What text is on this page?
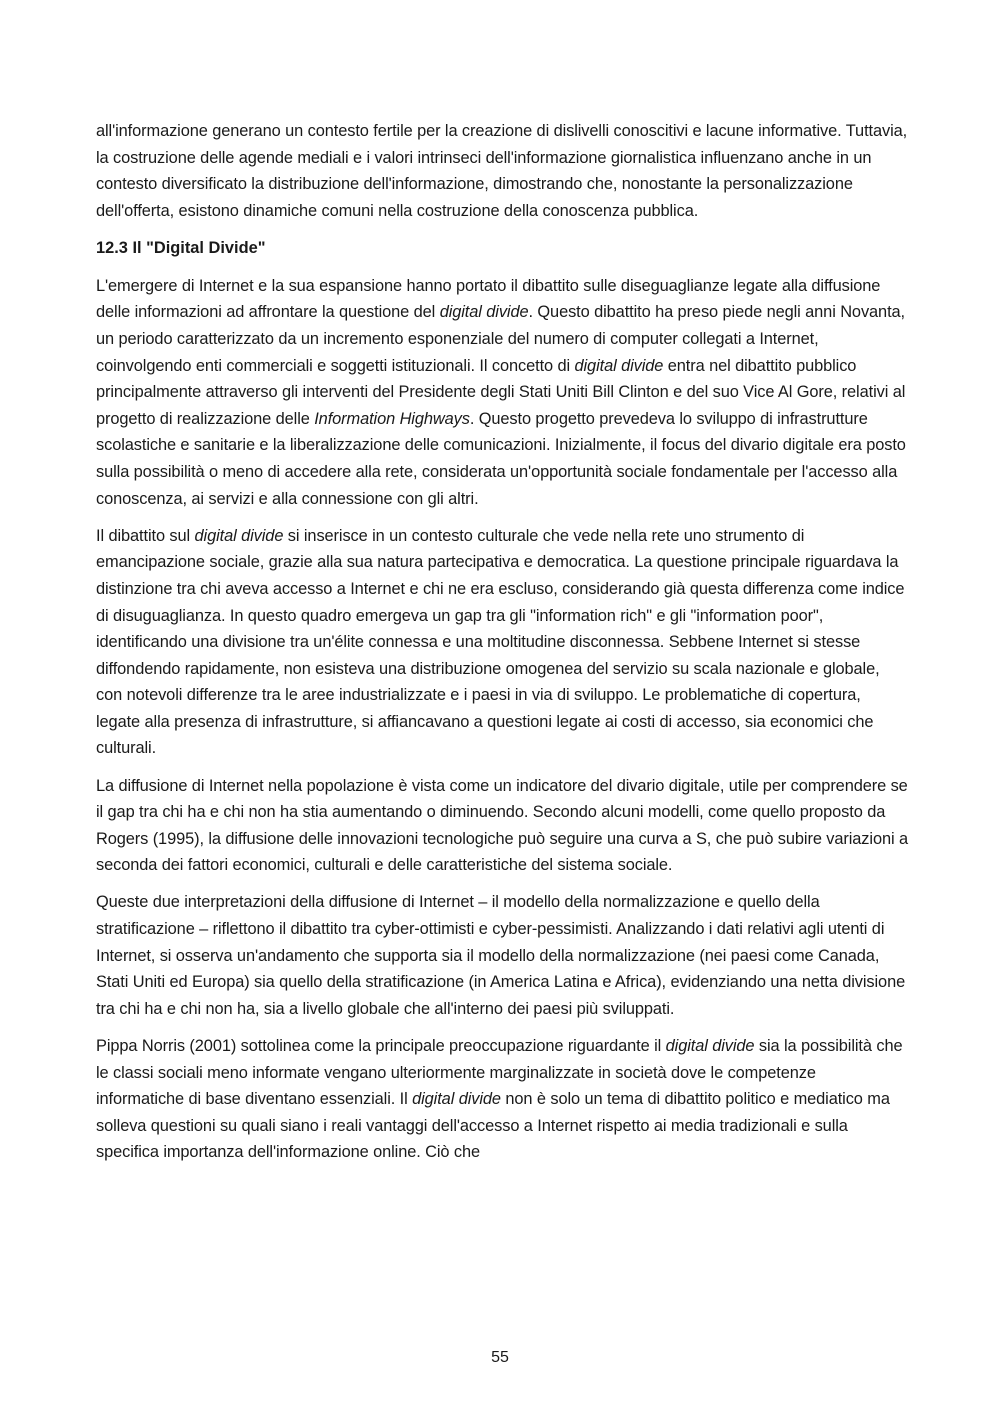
all'informazione generano un contesto fertile per la creazione di dislivelli conoscitivi e lacune informative. Tuttavia, la costruzione delle agende mediali e i valori intrinseci dell'informazione giornalistica influenzano anche in un contesto diversificato la distribuzione dell'informazione, dimostrando che, nonostante la personalizzazione dell'offerta, esistono dinamiche comuni nella costruzione della conoscenza pubblica.

12.3 Il "Digital Divide"

L'emergere di Internet e la sua espansione hanno portato il dibattito sulle diseguaglianze legate alla diffusione delle informazioni ad affrontare la questione del digital divide. Questo dibattito ha preso piede negli anni Novanta, un periodo caratterizzato da un incremento esponenziale del numero di computer collegati a Internet, coinvolgendo enti commerciali e soggetti istituzionali. Il concetto di digital divide entra nel dibattito pubblico principalmente attraverso gli interventi del Presidente degli Stati Uniti Bill Clinton e del suo Vice Al Gore, relativi al progetto di realizzazione delle Information Highways. Questo progetto prevedeva lo sviluppo di infrastrutture scolastiche e sanitarie e la liberalizzazione delle comunicazioni. Inizialmente, il focus del divario digitale era posto sulla possibilità o meno di accedere alla rete, considerata un'opportunità sociale fondamentale per l'accesso alla conoscenza, ai servizi e alla connessione con gli altri.

Il dibattito sul digital divide si inserisce in un contesto culturale che vede nella rete uno strumento di emancipazione sociale, grazie alla sua natura partecipativa e democratica. La questione principale riguardava la distinzione tra chi aveva accesso a Internet e chi ne era escluso, considerando già questa differenza come indice di disuguaglianza. In questo quadro emergeva un gap tra gli "information rich" e gli "information poor", identificando una divisione tra un'élite connessa e una moltitudine disconnessa. Sebbene Internet si stesse diffondendo rapidamente, non esisteva una distribuzione omogenea del servizio su scala nazionale e globale, con notevoli differenze tra le aree industrializzate e i paesi in via di sviluppo. Le problematiche di copertura, legate alla presenza di infrastrutture, si affiancavano a questioni legate ai costi di accesso, sia economici che culturali.

La diffusione di Internet nella popolazione è vista come un indicatore del divario digitale, utile per comprendere se il gap tra chi ha e chi non ha stia aumentando o diminuendo. Secondo alcuni modelli, come quello proposto da Rogers (1995), la diffusione delle innovazioni tecnologiche può seguire una curva a S, che può subire variazioni a seconda dei fattori economici, culturali e delle caratteristiche del sistema sociale.

Queste due interpretazioni della diffusione di Internet – il modello della normalizzazione e quello della stratificazione – riflettono il dibattito tra cyber-ottimisti e cyber-pessimisti. Analizzando i dati relativi agli utenti di Internet, si osserva un'andamento che supporta sia il modello della normalizzazione (nei paesi come Canada, Stati Uniti ed Europa) sia quello della stratificazione (in America Latina e Africa), evidenziando una netta divisione tra chi ha e chi non ha, sia a livello globale che all'interno dei paesi più sviluppati.

Pippa Norris (2001) sottolinea come la principale preoccupazione riguardante il digital divide sia la possibilità che le classi sociali meno informate vengano ulteriormente marginalizzate in società dove le competenze informatiche di base diventano essenziali. Il digital divide non è solo un tema di dibattito politico e mediatico ma solleva questioni su quali siano i reali vantaggi dell'accesso a Internet rispetto ai media tradizionali e sulla specifica importanza dell'informazione online. Ciò che

55
